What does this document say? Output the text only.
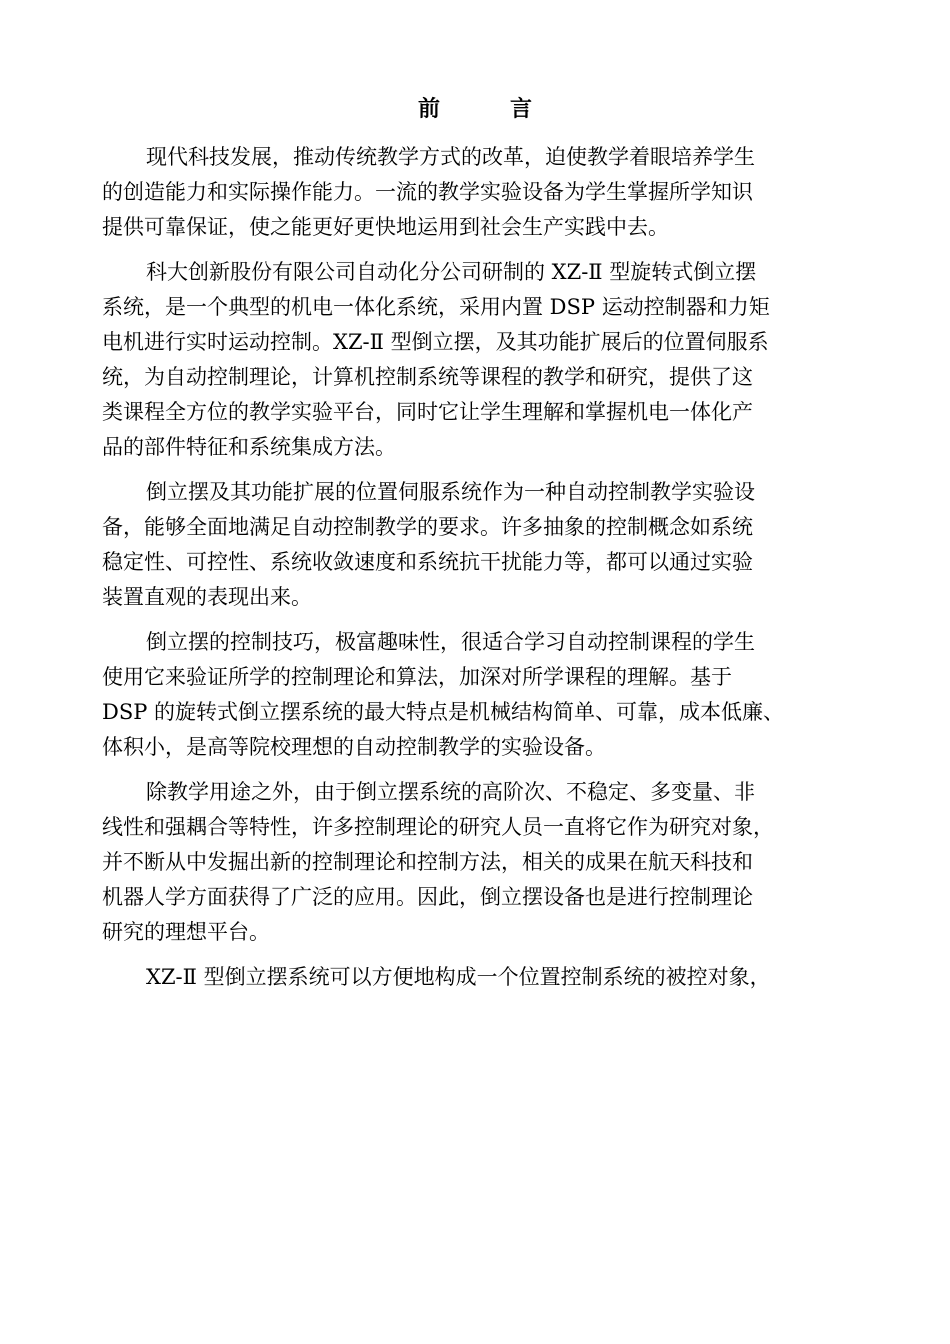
前　言
现代科技发展，推动传统教学方式的改革，迫使教学着眼培养学生
的创造能力和实际操作能力。一流的教学实验设备为学生掌握所学知识
提供可靠保证，使之能更好更快地运用到社会生产实践中去。
科大创新股份有限公司自动化分公司研制的 XZ-Ⅱ 型旋转式倒立摆
系统，是一个典型的机电一体化系统，采用内置 DSP 运动控制器和力矩
电机进行实时运动控制。XZ-Ⅱ 型倒立摆，及其功能扩展后的位置伺服系
统，为自动控制理论，计算机控制系统等课程的教学和研究，提供了这
类课程全方位的教学实验平台，同时它让学生理解和掌握机电一体化产
品的部件特征和系统集成方法。
倒立摆及其功能扩展的位置伺服系统作为一种自动控制教学实验设
备，能够全面地满足自动控制教学的要求。许多抽象的控制概念如系统
稳定性、可控性、系统收敛速度和系统抗干扰能力等，都可以通过实验
装置直观的表现出来。
倒立摆的控制技巧，极富趣味性，很适合学习自动控制课程的学生
使用它来验证所学的控制理论和算法，加深对所学课程的理解。基于
DSP 的旋转式倒立摆系统的最大特点是机械结构简单、可靠，成本低廉、
体积小，是高等院校理想的自动控制教学的实验设备。
除教学用途之外，由于倒立摆系统的高阶次、不稳定、多变量、非
线性和强耦合等特性，许多控制理论的研究人员一直将它作为研究对象，
并不断从中发掘出新的控制理论和控制方法，相关的成果在航天科技和
机器人学方面获得了广泛的应用。因此，倒立摆设备也是进行控制理论
研究的理想平台。
XZ-Ⅱ 型倒立摆系统可以方便地构成一个位置控制系统的被控对象，
